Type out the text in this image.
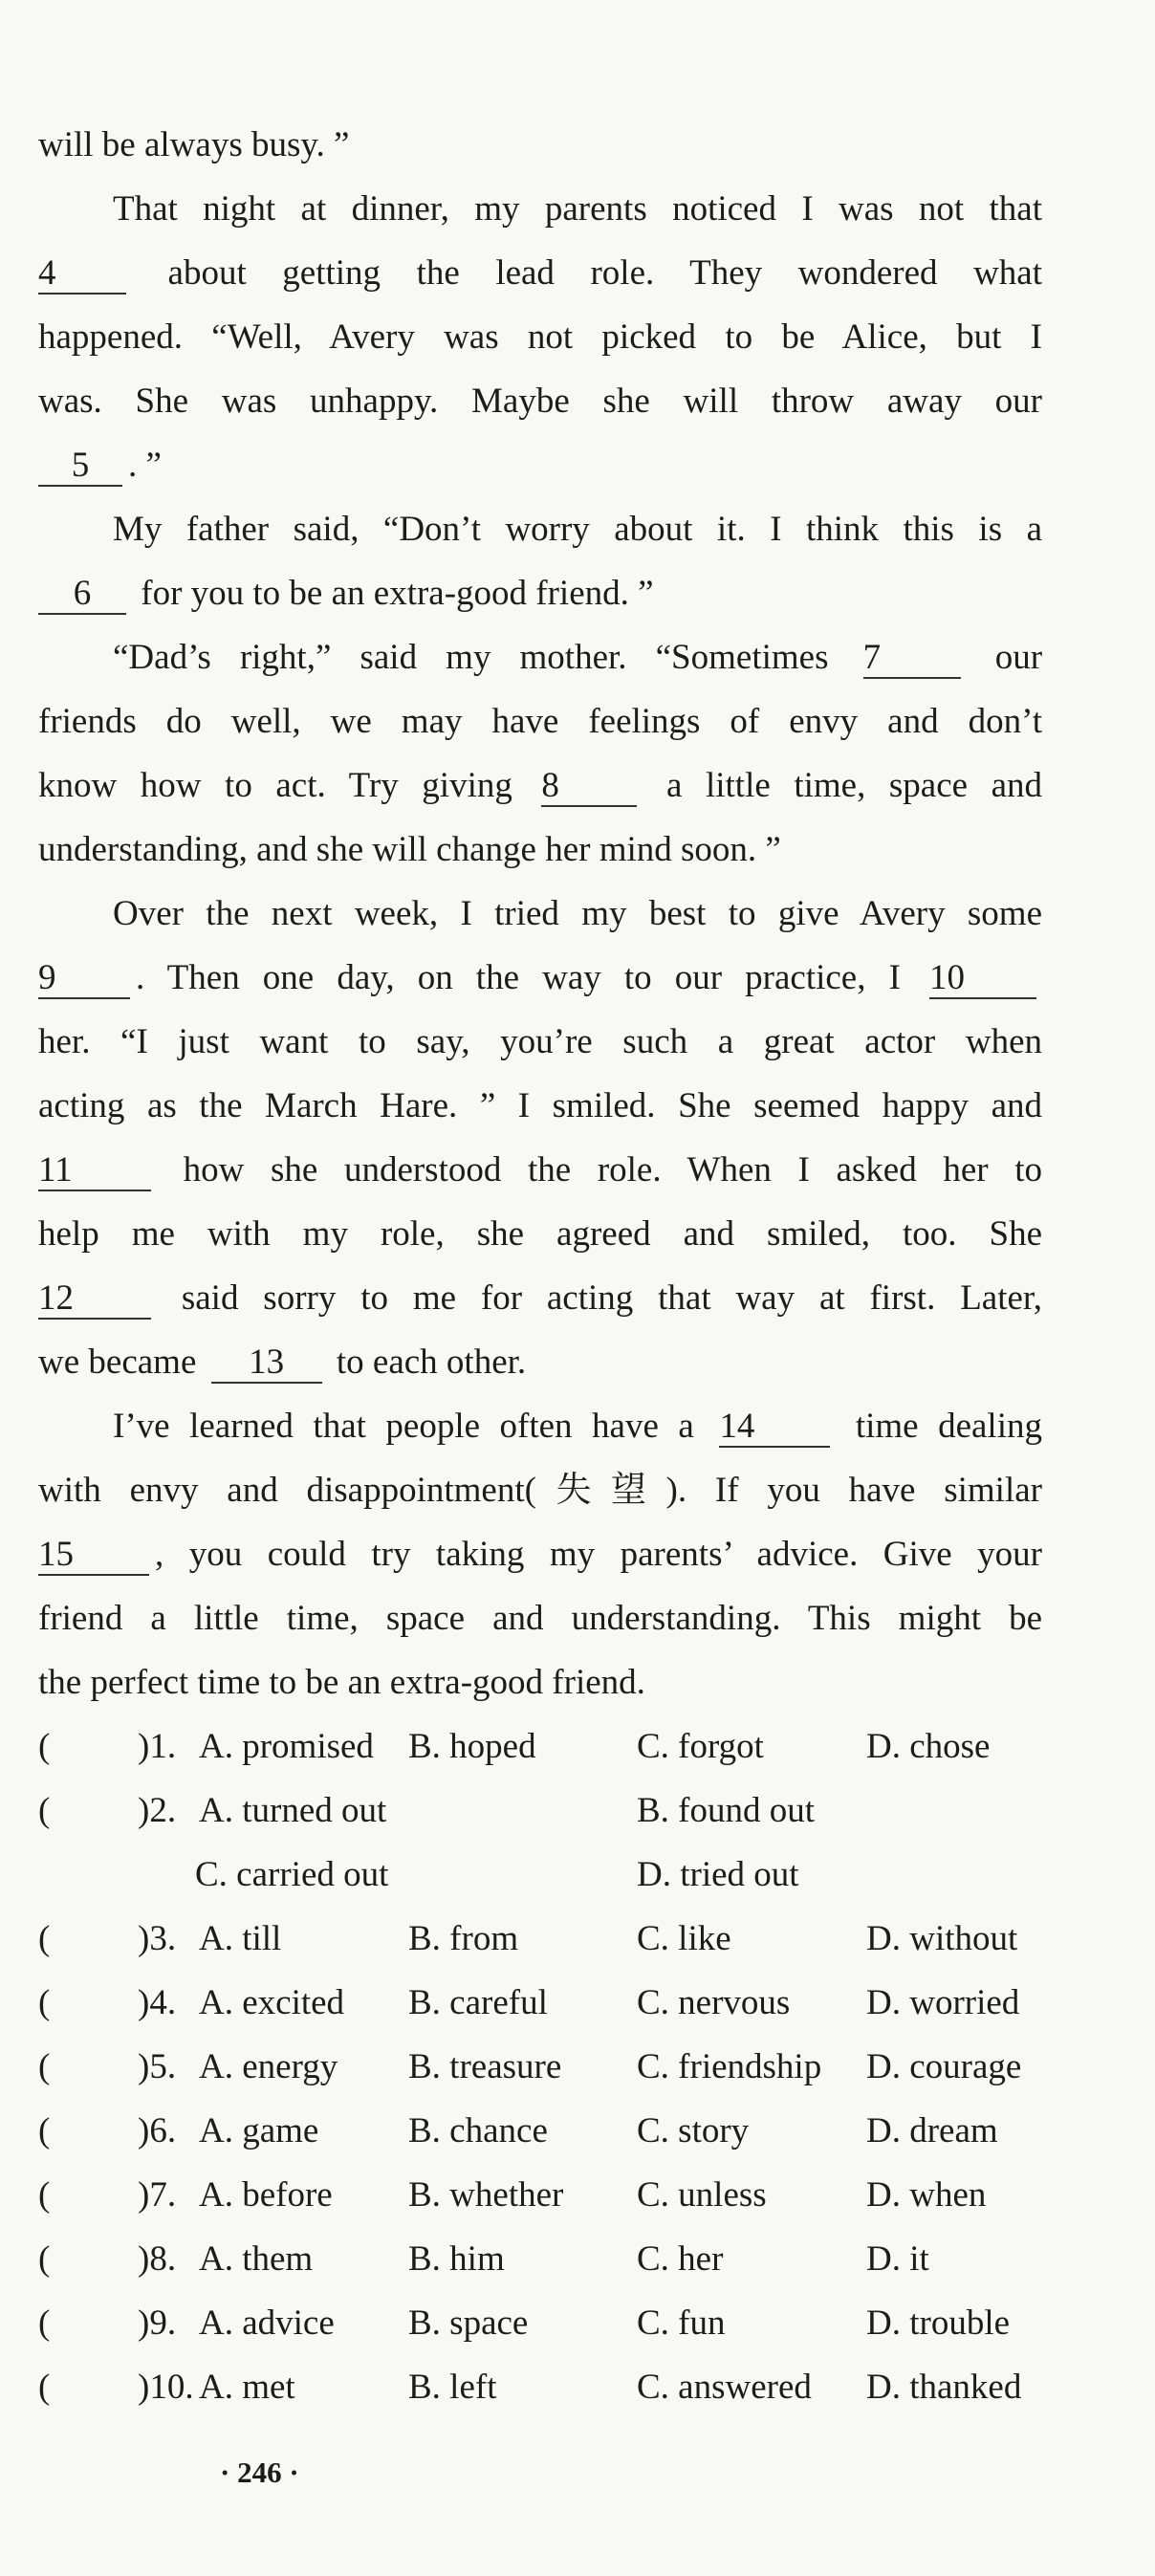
will be always busy. ”
That night at dinner, my parents noticed I was not that
4	about getting the lead role. They wondered what
happened. “Well, Avery was not picked to be Alice, but I
was. She was unhappy. Maybe she will throw away our
5 . ”
My father said, “Don’t worry about it. I think this is a
6 for you to be an extra-good friend. ”
“Dad’s right,” said my mother. “Sometimes 7	our
friends do well, we may have feelings of envy and don’t
know how to act. Try giving 8	a little time, space and
understanding, and she will change her mind soon. ”
Over the next week, I tried my best to give Avery some
9 . Then one day, on the way to our practice, I 10
her. “I just want to say, you’re such a great actor when
acting as the March Hare. ” I smiled. She seemed happy and
11	how she understood the role. When I asked her to
help me with my role, she agreed and smiled, too. She
12	said sorry to me for acting that way at first. Later,
we became 13 to each other.
I’ve learned that people often have a 14	time dealing
with envy and disappointment(失望). If you have similar
15 , you could try taking my parents’ advice. Give your
friend a little time, space and understanding. This might be
the perfect time to be an extra-good friend.
( )1. A. promised B. hoped	C. forgot	D. chose
( )2. A. turned out	B. found out
C. carried out	D. tried out
( )3. A. till	B. from	C. like	D. without
( )4. A. excited B. careful	C. nervous D. worried
( )5. A. energy B. treasure C. friendship D. courage
( )6. A. game	B. chance	C. story	D. dream
( )7. A. before B. whether C. unless	D. when
( )8. A. them	B. him	C. her	D. it
( )9. A. advice B. space	C. fun	D. trouble
( )10. A. met	B. left	C. answered D. thanked
· 246 ·
